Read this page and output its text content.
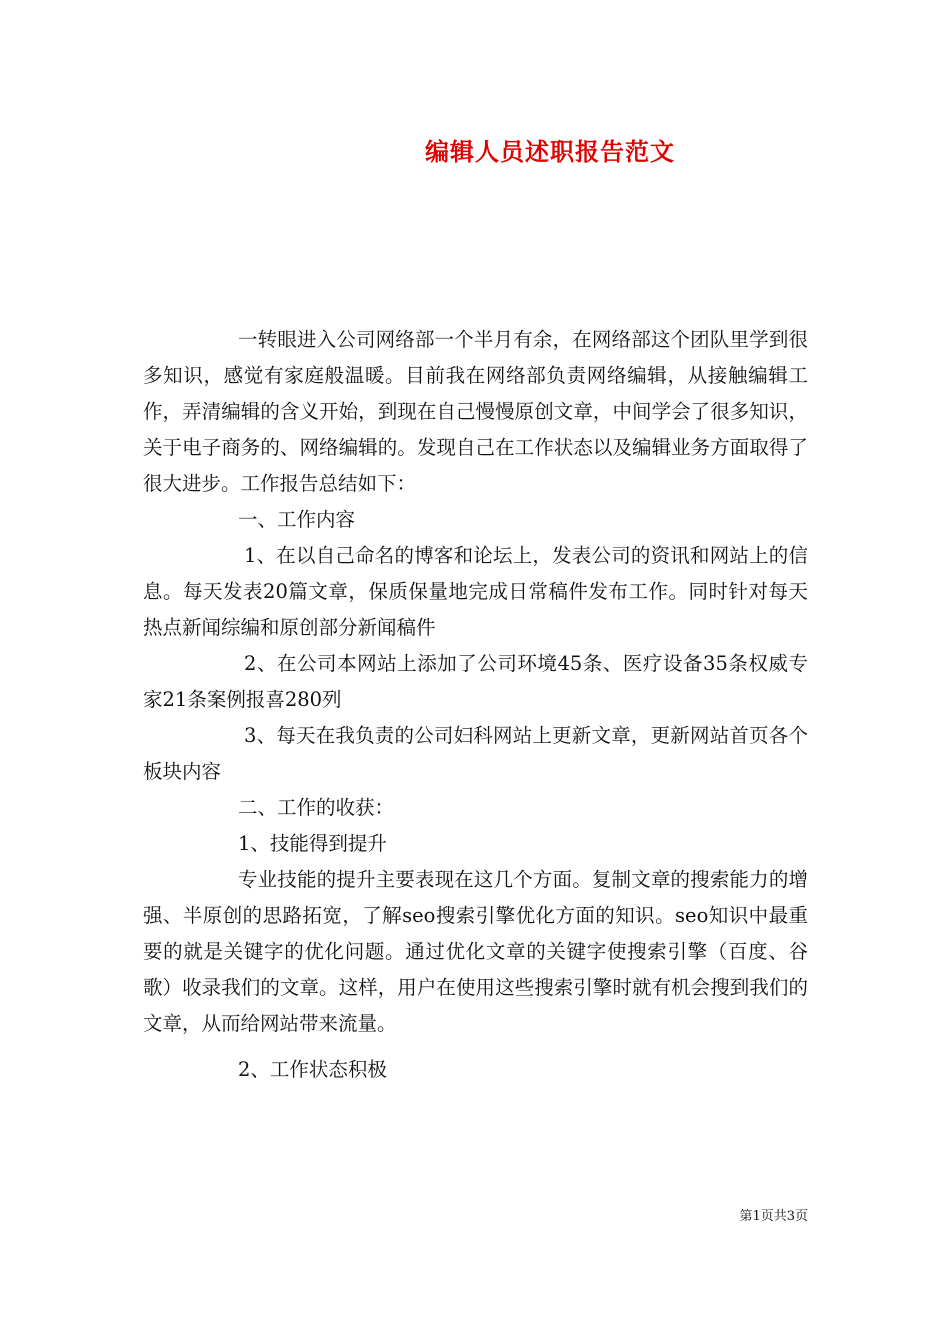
编辑人员述职报告范文

一转眼进入公司网络部一个半月有余，在网络部这个团队里学到很多知识，感觉有家庭般温暖。目前我在网络部负责网络编辑，从接触编辑工作，弄清编辑的含义开始，到现在自己慢慢原创文章，中间学会了很多知识，关于电子商务的、网络编辑的。发现自己在工作状态以及编辑业务方面取得了很大进步。工作报告总结如下：

一、工作内容

1、在以自己命名的博客和论坛上，发表公司的资讯和网站上的信息。每天发表20篇文章，保质保量地完成日常稿件发布工作。同时针对每天热点新闻综编和原创部分新闻稿件

2、在公司本网站上添加了公司环境45条、医疗设备35条权威专家21条案例报喜280列

3、每天在我负责的公司妇科网站上更新文章，更新网站首页各个板块内容

二、工作的收获：

1、技能得到提升

专业技能的提升主要表现在这几个方面。复制文章的搜索能力的增强、半原创的思路拓宽，了解seo搜索引擎优化方面的知识。seo知识中最重要的就是关键字的优化问题。通过优化文章的关键字使搜索引擎（百度、谷歌）收录我们的文章。这样，用户在使用这些搜索引擎时就有机会搜到我们的文章，从而给网站带来流量。

2、工作状态积极

第1页共3页
